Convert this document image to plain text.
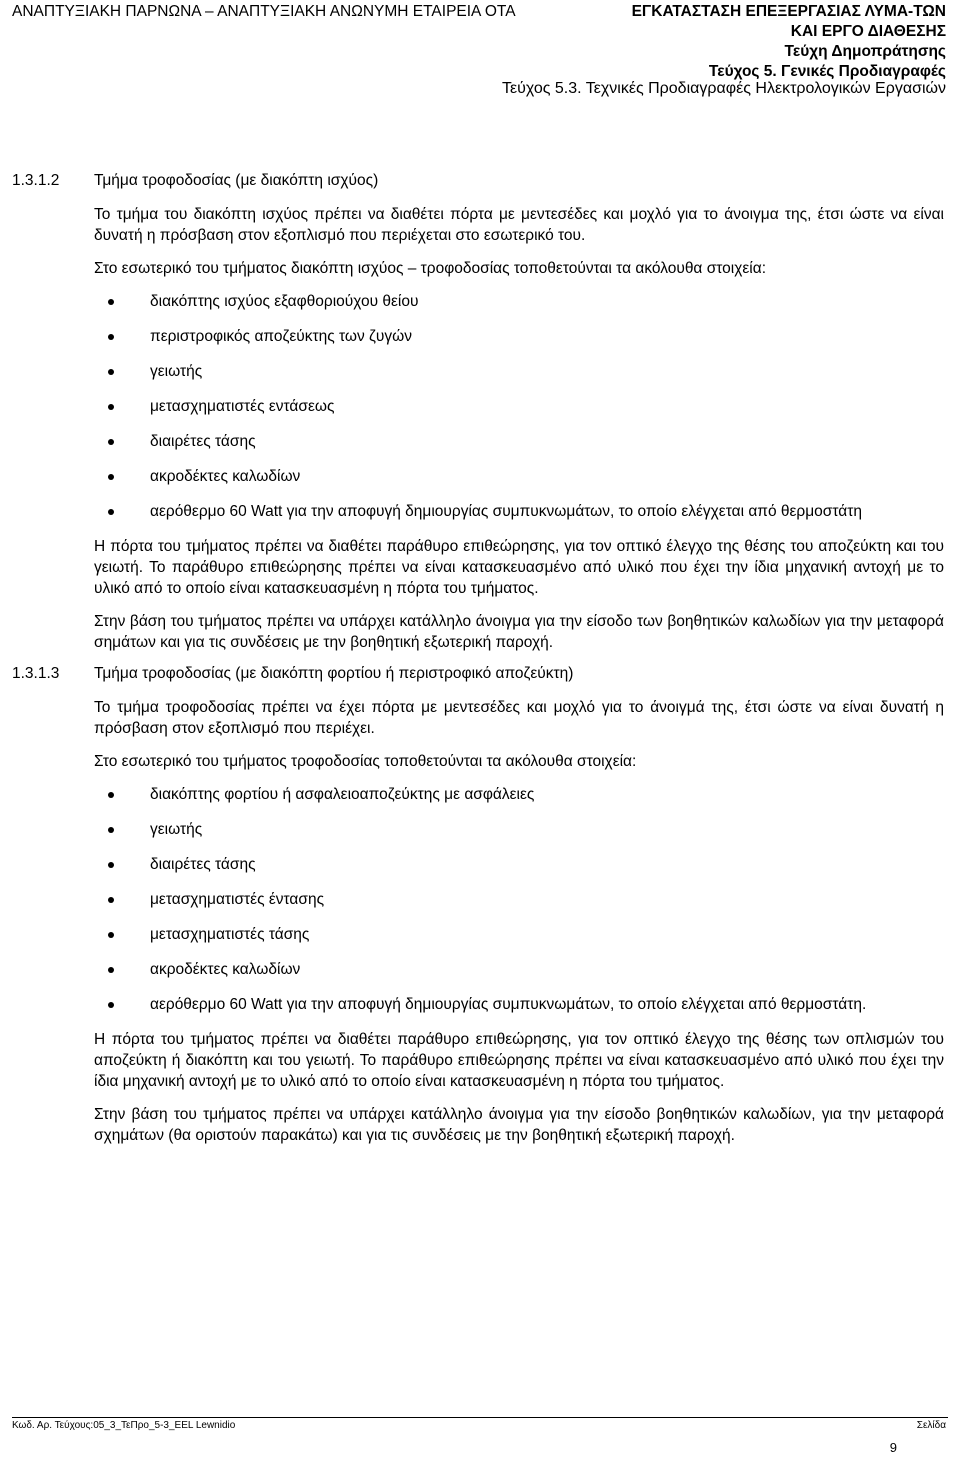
ΑΝΑΠΤΥΞΙΑΚΗ ΠΑΡΝΩΝΑ – ΑΝΑΠΤΥΞΙΑΚΗ ΑΝΩΝΥΜΗ ΕΤΑΙΡΕΙΑ ΟΤΑ	ΕΓΚΑΤΑΣΤΑΣΗ ΕΠΕΞΕΡΓΑΣΙΑΣ ΛΥΜΑ-ΤΩΝ ΚΑΙ ΕΡΓΟ ΔΙΑΘΕΣΗΣ
Τεύχη Δημοπράτησης
Τεύχος 5. Γενικές Προδιαγραφές
Τεύχος 5.3. Τεχνικές Προδιαγραφές Ηλεκτρολογικών Εργασιών
1.3.1.2 Τμήμα τροφοδοσίας (με διακόπτη ισχύος)

Το τμήμα του διακόπτη ισχύος πρέπει να διαθέτει πόρτα με μεντεσέδες και μοχλό για το άνοιγμα της, έτσι ώστε να είναι δυνατή η πρόσβαση στον εξοπλισμό που περιέχεται στο εσωτερικό του.

Στο εσωτερικό του τμήματος διακόπτη ισχύος – τροφοδοσίας τοποθετούνται τα ακόλουθα στοιχεία:

διακόπτης ισχύος εξαφθοριούχου θείου
περιστροφικός αποζεύκτης των ζυγών
γειωτής
μετασχηματιστές εντάσεως
διαιρέτες τάσης
ακροδέκτες καλωδίων
αερόθερμο 60 Watt για την αποφυγή δημιουργίας συμπυκνωμάτων, το οποίο ελέγχεται από θερμοστάτη

Η πόρτα του τμήματος πρέπει να διαθέτει παράθυρο επιθεώρησης, για τον οπτικό έλεγχο της θέσης του αποζεύκτη και του γειωτή. Το παράθυρο επιθεώρησης πρέπει να είναι κατασκευασμένο από υλικό που έχει την ίδια μηχανική αντοχή με το υλικό από το οποίο είναι κατασκευασμένη η πόρτα του τμήματος.

Στην βάση του τμήματος πρέπει να υπάρχει κατάλληλο άνοιγμα για την είσοδο των βοηθητικών καλωδίων για την μεταφορά σημάτων και για τις συνδέσεις με την βοηθητική εξωτερική παροχή.

1.3.1.3 Τμήμα τροφοδοσίας (με διακόπτη φορτίου ή περιστροφικό αποζεύκτη)

Το τμήμα τροφοδοσίας πρέπει να έχει πόρτα με μεντεσέδες και μοχλό για το άνοιγμά της, έτσι ώστε να είναι δυνατή η πρόσβαση στον εξοπλισμό που περιέχει.

Στο εσωτερικό του τμήματος τροφοδοσίας τοποθετούνται τα ακόλουθα στοιχεία:

διακόπτης φορτίου ή ασφαλειοαποζεύκτης με ασφάλειες
γειωτής
διαιρέτες τάσης
μετασχηματιστές έντασης
μετασχηματιστές τάσης
ακροδέκτες καλωδίων
αερόθερμο 60 Watt για την αποφυγή δημιουργίας συμπυκνωμάτων, το οποίο ελέγχεται από θερμοστάτη.

Η πόρτα του τμήματος πρέπει να διαθέτει παράθυρο επιθεώρησης, για τον οπτικό έλεγχο της θέσης των οπλισμών του αποζεύκτη ή διακόπτη και του γειωτή. Το παράθυρο επιθεώρησης πρέπει να είναι κατασκευασμένο από υλικό που έχει την ίδια μηχανική αντοχή με το υλικό από το οποίο είναι κατασκευασμένη η πόρτα του τμήματος.

Στην βάση του τμήματος πρέπει να υπάρχει κατάλληλο άνοιγμα για την είσοδο βοηθητικών καλωδίων, για την μεταφορά σχημάτων (θα οριστούν παρακάτω) και για τις συνδέσεις με την βοηθητική εξωτερική παροχή.

Κωδ. Αρ. Τεύχους:05_3_ΤεΠρο_5-3_EEL Lewnidio	Σελίδα
9
